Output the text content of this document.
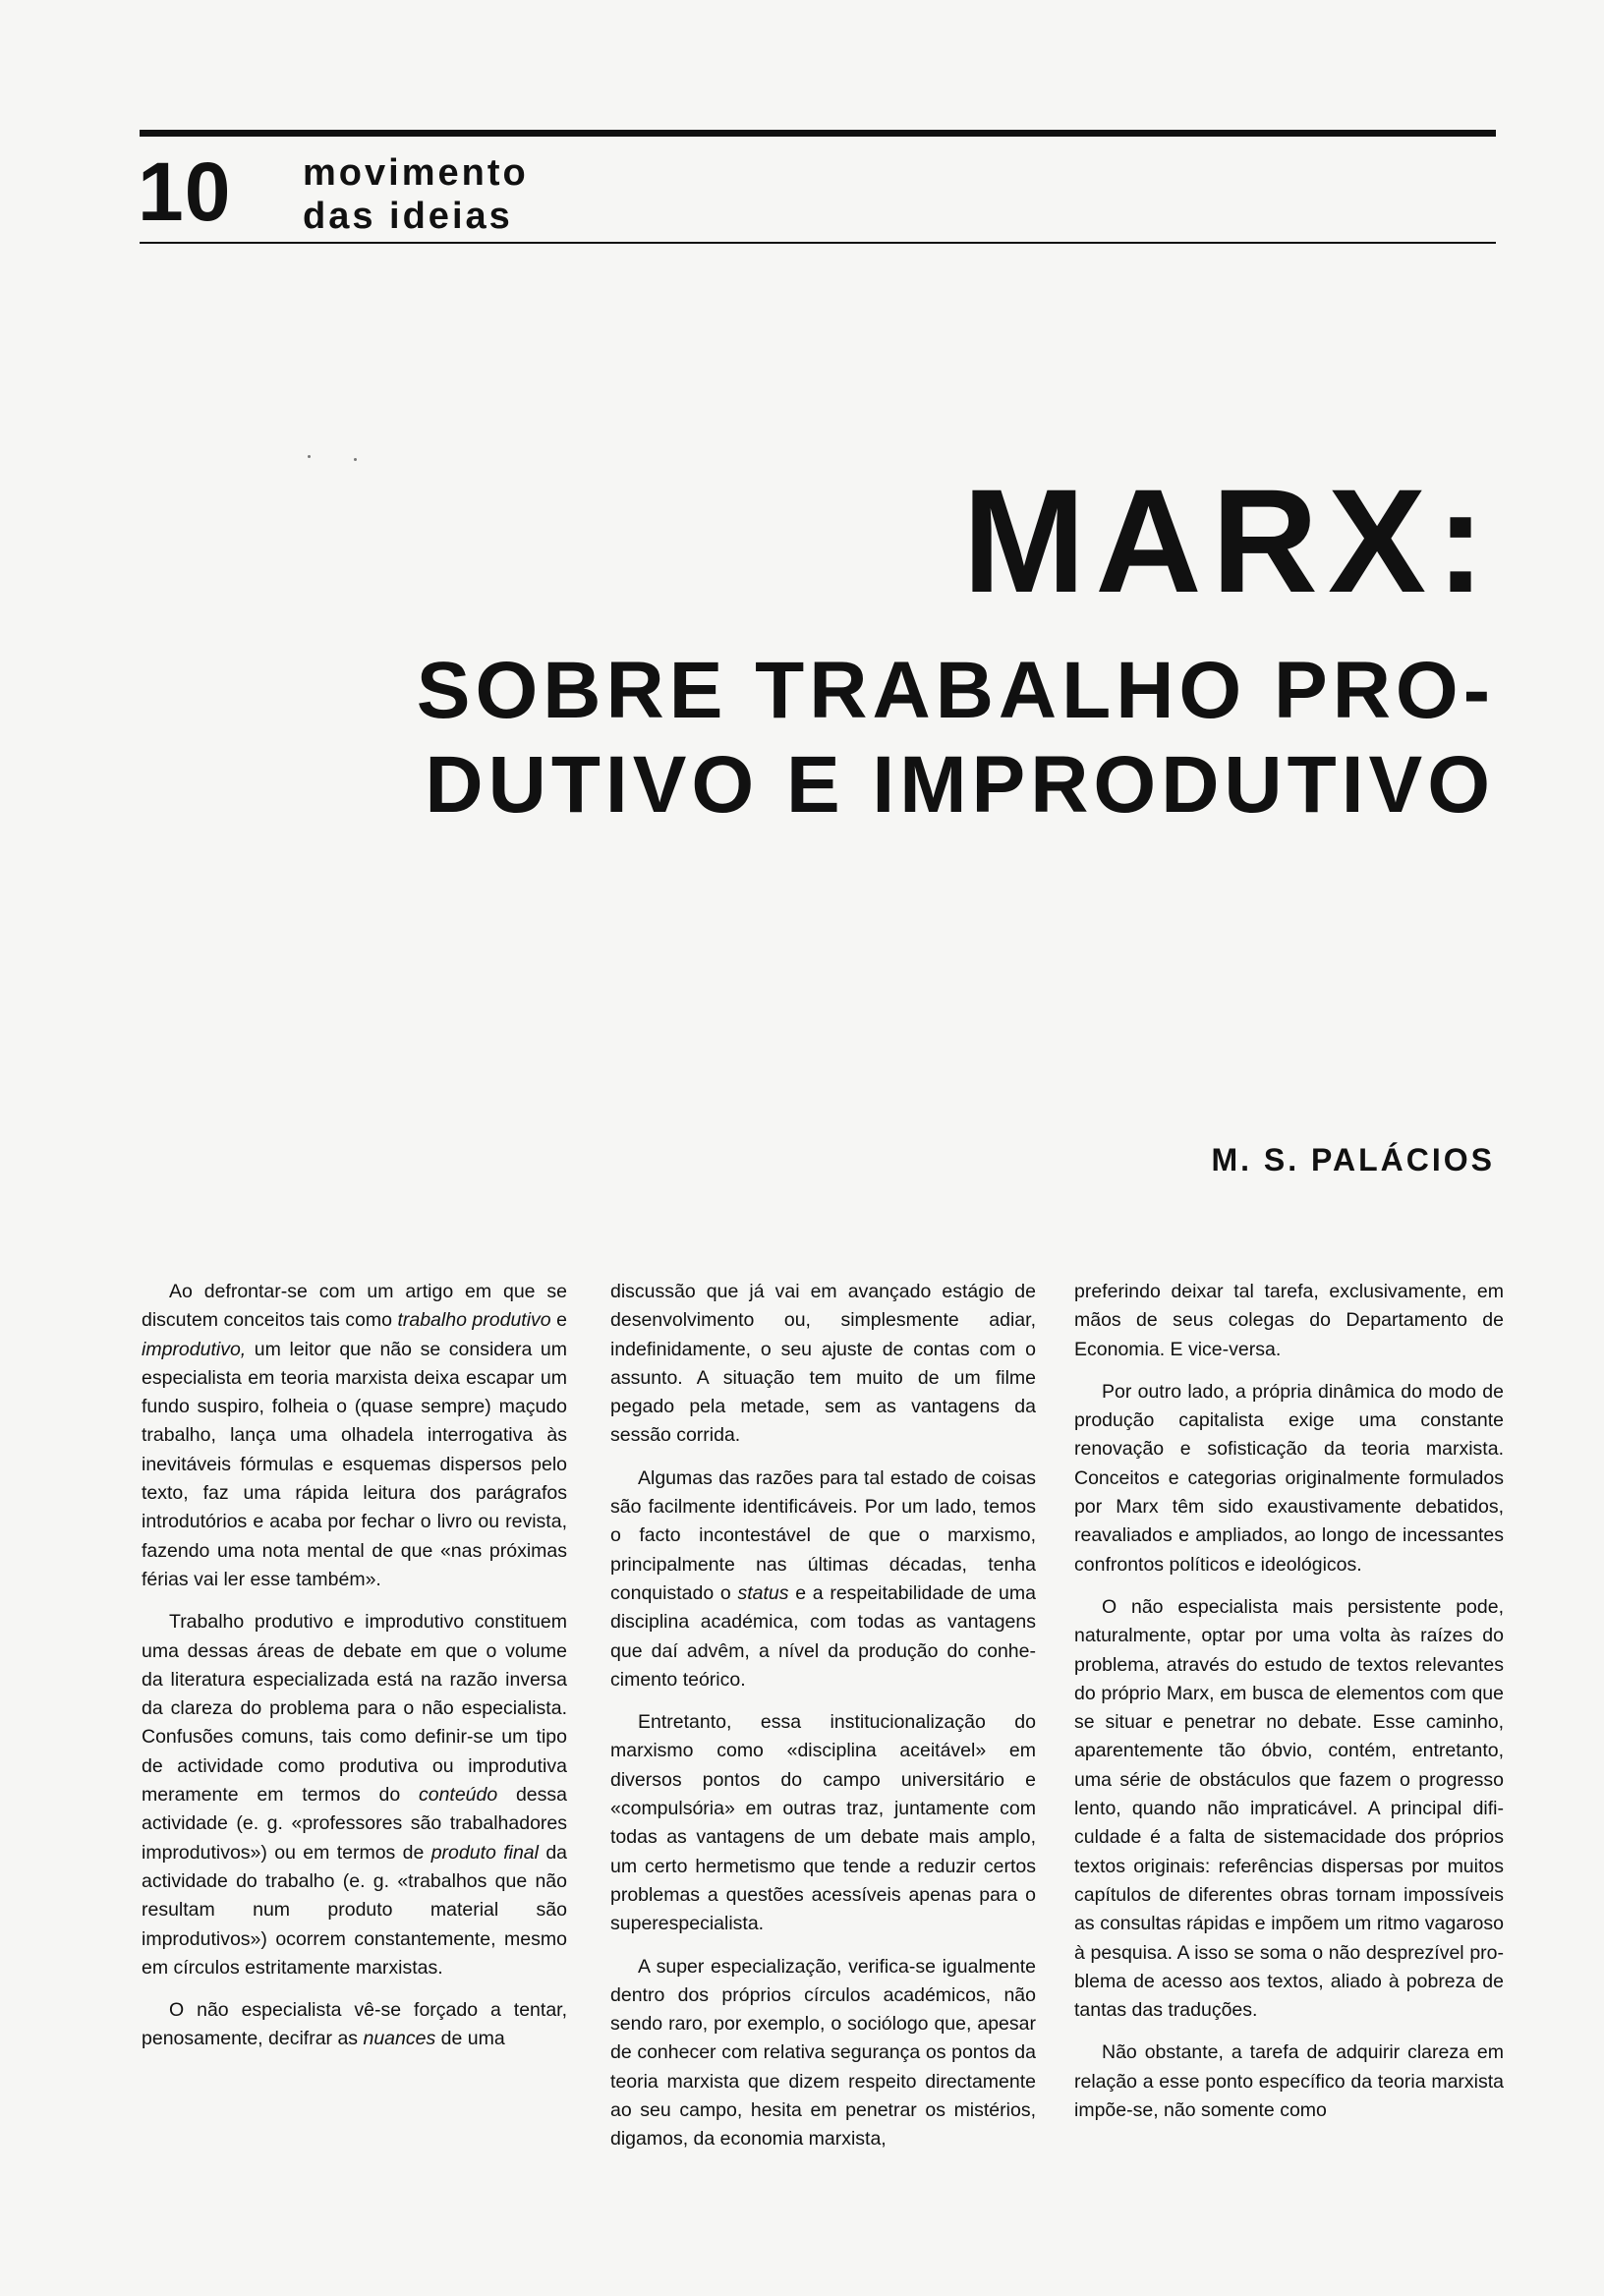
10 movimento
das ideias
MARX:
SOBRE TRABALHO PRO-
DUTIVO E IMPRODUTIVO
M. S. PALÁCIOS

Ao defrontar-se com um artigo em que se discutem conceitos tais como trabalho produtivo e improdutivo, um leitor que não se considera um especialista em teoria marxista deixa escapar um fundo suspiro, folheia o (quase sempre) maçudo trabalho, lança uma olhadela interrogativa às inevitáveis fórmulas e esquemas dispersos pelo texto, faz uma rápida leitura dos parágrafos introdutórios e acaba por fechar o livro ou revista, fazendo uma nota mental de que «nas próximas férias vai ler esse também».

Trabalho produtivo e improdutivo constituem uma dessas áreas de debate em que o volume da literatura especializada está na razão inversa da clareza do problema para o não especialista. Confusões comuns, tais como definir-se um tipo de actividade como produtiva ou improdutiva meramente em termos do conteúdo dessa actividade (e. g. «professores são trabalhadores improdutivos») ou em termos de produto final da actividade do trabalho (e. g. «trabalhos que não resultam num produto material são improdutivos») ocorrem constantemente, mesmo em círculos estritamente marxistas.

O não especialista vê-se forçado a tentar, penosamente, decifrar as nuances de uma

discussão que já vai em avançado estágio de desenvolvimento ou, simplesmente adiar, indefinidamente, o seu ajuste de contas com o assunto. A situação tem muito de um filme pegado pela metade, sem as vantagens da sessão corrida.

Algumas das razões para tal estado de coisas são facilmente identificáveis. Por um lado, temos o facto incontestável de que o marxismo, principalmente nas últimas décadas, tenha conquistado o status e a respeitabilidade de uma disciplina académica, com todas as vantagens que daí advêm, a nível da produção do conhecimento teórico.

Entretanto, essa institucionalização do marxismo como «disciplina aceitável» em diversos pontos do campo universitário e «compulsória» em outras traz, juntamente com todas as vantagens de um debate mais amplo, um certo hermetismo que tende a reduzir certos problemas a questões acessíveis apenas para o superespecialista.

A super especialização, verifica-se igualmente dentro dos próprios círculos académicos, não sendo raro, por exemplo, o sociólogo que, apesar de conhecer com relativa segurança os pontos da teoria marxista que dizem respeito directamente ao seu campo, hesita em penetrar os mistérios, digamos, da economia marxista,

preferindo deixar tal tarefa, exclusivamente, em mãos de seus colegas do Departamento de Economia. E vice-versa.

Por outro lado, a própria dinâmica do modo de produção capitalista exige uma constante renovação e sofisticação da teoria marxista. Conceitos e categorias originalmente formulados por Marx têm sido exaustivamente debatidos, reavaliados e ampliados, ao longo de incessantes confrontos políticos e ideológicos.

O não especialista mais persistente pode, naturalmente, optar por uma volta às raízes do problema, através do estudo de textos relevantes do próprio Marx, em busca de elementos com que se situar e penetrar no debate. Esse caminho, aparentemente tão óbvio, contém, entretanto, uma série de obstáculos que fazem o progresso lento, quando não impraticável. A principal dificuldade é a falta de sistemacidade dos próprios textos originais: referências dispersas por muitos capítulos de diferentes obras tornam impossíveis as consultas rápidas e impõem um ritmo vagaroso à pesquisa. A isso se soma o não desprezível problema de acesso aos textos, aliado à pobreza de tantas das traduções.

Não obstante, a tarefa de adquirir clareza em relação a esse ponto específico da teoria marxista impõe-se, não somente como
